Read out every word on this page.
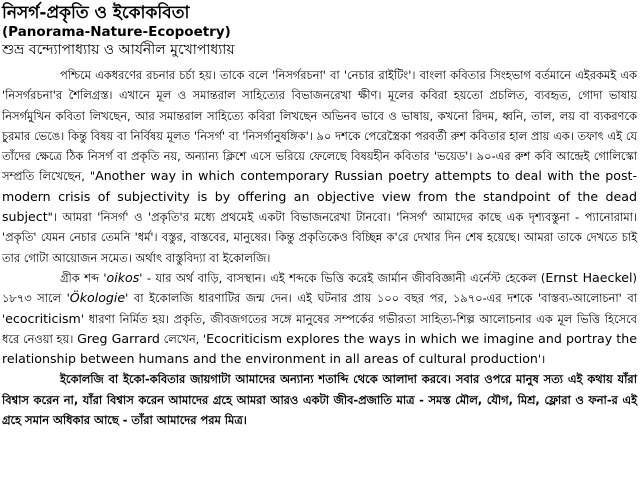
নিসর্গ-প্রকৃতি ও ইকোকবিতা
(Panorama-Nature-Ecopoetry)
শুভ্র বন্দ্যোপাধ্যায় ও আর্যনীল মুখোপাধ্যায়

পশ্চিমে একধরণের রচনার চর্চা হয়। তাকে বলে 'নিসর্গরচনা' বা 'নেচার রাইটিং'। বাংলা কবিতার সিংহভাগ বর্তমানে এইরকমই এক 'নিসর্গরচনা'র শৈলিগ্রস্ত। এখানে মূল ও সমান্তরাল সাহিত্যের বিভাজনরেখা ক্ষীণ। মূলের কবিরা হয়তো প্রচলিত, ব্যবহৃত, গোদা ভাষায় নিসর্গমুখিন কবিতা লিখছেন, আর সমান্তরাল সাহিত্যে কবিরা লিখছেন অভিনব ভাবে ও ভাষায়, কখনো রিদম, ধ্বনি, তাল, লয় বা ব্যকরণকে চুরমার ভেঙে। কিন্তু বিষয় বা নির্বিষয় মূলত 'নিসর্গ' বা 'নিসর্গানুষঙ্গিক'। ৯০ দশকে পেরেস্ত্রৈকা পরবর্তী রুশ কবিতার হাল প্রায় এক। তফাৎ এই যে তাঁদের ক্ষেত্রে ঠিক নিসর্গ বা প্রকৃতি নয়, অন্যান্য ক্লিশে এসে ভরিয়ে ফেলেছে বিষয়হীন কবিতার 'ভয়েড'। ৯০-এর রুশ কবি আন্দ্রেই গোলিস্কো সম্প্রতি লিখেছেন, "Another way in which contemporary Russian poetry attempts to deal with the post-modern crisis of subjectivity is by offering an objective view from the standpoint of the dead subject"। আমরা 'নিসর্গ' ও 'প্রকৃতি'র মধ্যে প্রথমেই একটা বিভাজনরেখা টানবো। 'নিসর্গ' আমাদের কাছে এক দৃশ্যবস্তুনা - প্যানোরামা। 'প্রকৃতি' যেমন নেচার তেমনি 'ধর্ম'। বস্তুর, বাস্তবের, মানুষের। কিন্তু প্রকৃতিকেও বিচ্ছিন্ন ক'রে দেখার দিন শেষ হয়েছে। আমরা তাকে দেখতে চাই তার গোটা আয়োজন সমেত। অর্থাৎ বাস্তুবিদ্যা বা ইকোলজি।

গ্রীক শব্দ 'oikos' - যার অর্থ বাড়ি, বাসস্থান। এই শব্দকে ভিত্তি করেই জার্মান জীববিজ্ঞানী এর্নেস্ট হেকেল (Ernst Haeckel) ১৮৭৩ সালে 'Ökologie' বা ইকোলজি ধারণাটির জন্ম দেন। এই ঘটনার প্রায় ১০০ বছর পর, ১৯৭০-এর দশকে 'বাস্তব্য-আলোচনা' বা 'ecocriticism' ধারণা নির্মিত হয়। প্রকৃতি, জীবজগতের সঙ্গে মানুষের সম্পর্কের গভীরতা সাহিত্য-শিল্প আলোচনার এক মূল ভিত্তি হিসেবে ধরে নেওয়া হয়। Greg Garrard লেখেন, 'Ecocriticism explores the ways in which we imagine and portray the relationship between humans and the environment in all areas of cultural production'।

ইকোলজি বা ইকো-কবিতার জায়গাটা আমাদের অন্যান্য শতাব্দি থেকে আলাদা করবে। সবার ওপরে মানুষ সত্য এই কথায় যাঁরা বিশ্বাস করেন না, যাঁরা বিশ্বাস করেন আমাদের গ্রহে আমরা আরও একটা জীব-প্রজাতি মাত্র - সমস্ত মৌল, যৌগ, মিশ্র, ফ্লোরা ও ফনা-র এই গ্রহে সমান অধিকার আছে - তাঁরা আমাদের পরম মিত্র।
